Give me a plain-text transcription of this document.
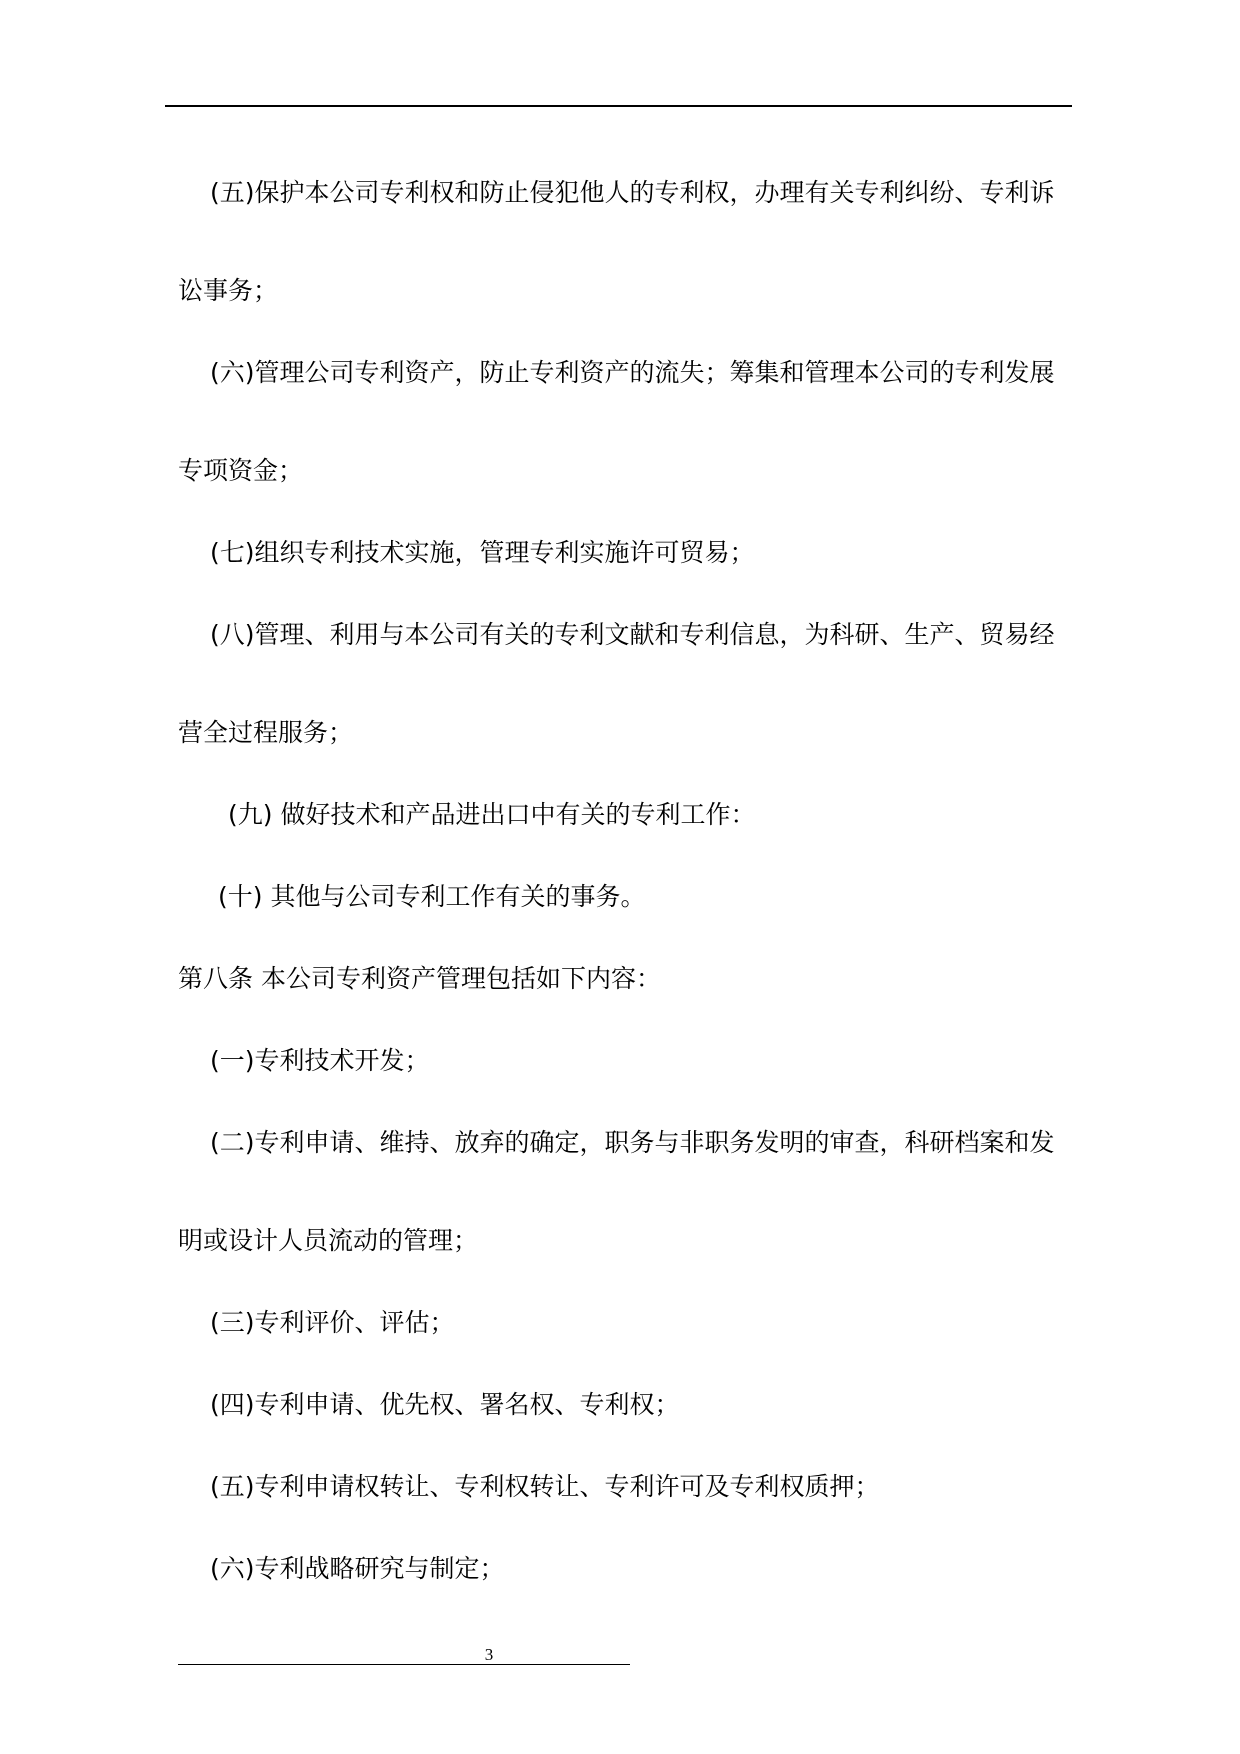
(五)保护本公司专利权和防止侵犯他人的专利权，办理有关专利纠纷、专利诉
讼事务；
(六)管理公司专利资产，防止专利资产的流失；筹集和管理本公司的专利发展
专项资金；
(七)组织专利技术实施，管理专利实施许可贸易；
(八)管理、利用与本公司有关的专利文献和专利信息，为科研、生产、贸易经
营全过程服务；
(九) 做好技术和产品进出口中有关的专利工作：
(十) 其他与公司专利工作有关的事务。
第八条 本公司专利资产管理包括如下内容：
(一)专利技术开发；
(二)专利申请、维持、放弃的确定，职务与非职务发明的审查，科研档案和发
明或设计人员流动的管理；
(三)专利评价、评估；
(四)专利申请、优先权、署名权、专利权；
(五)专利申请权转让、专利权转让、专利许可及专利权质押；
(六)专利战略研究与制定；
3
